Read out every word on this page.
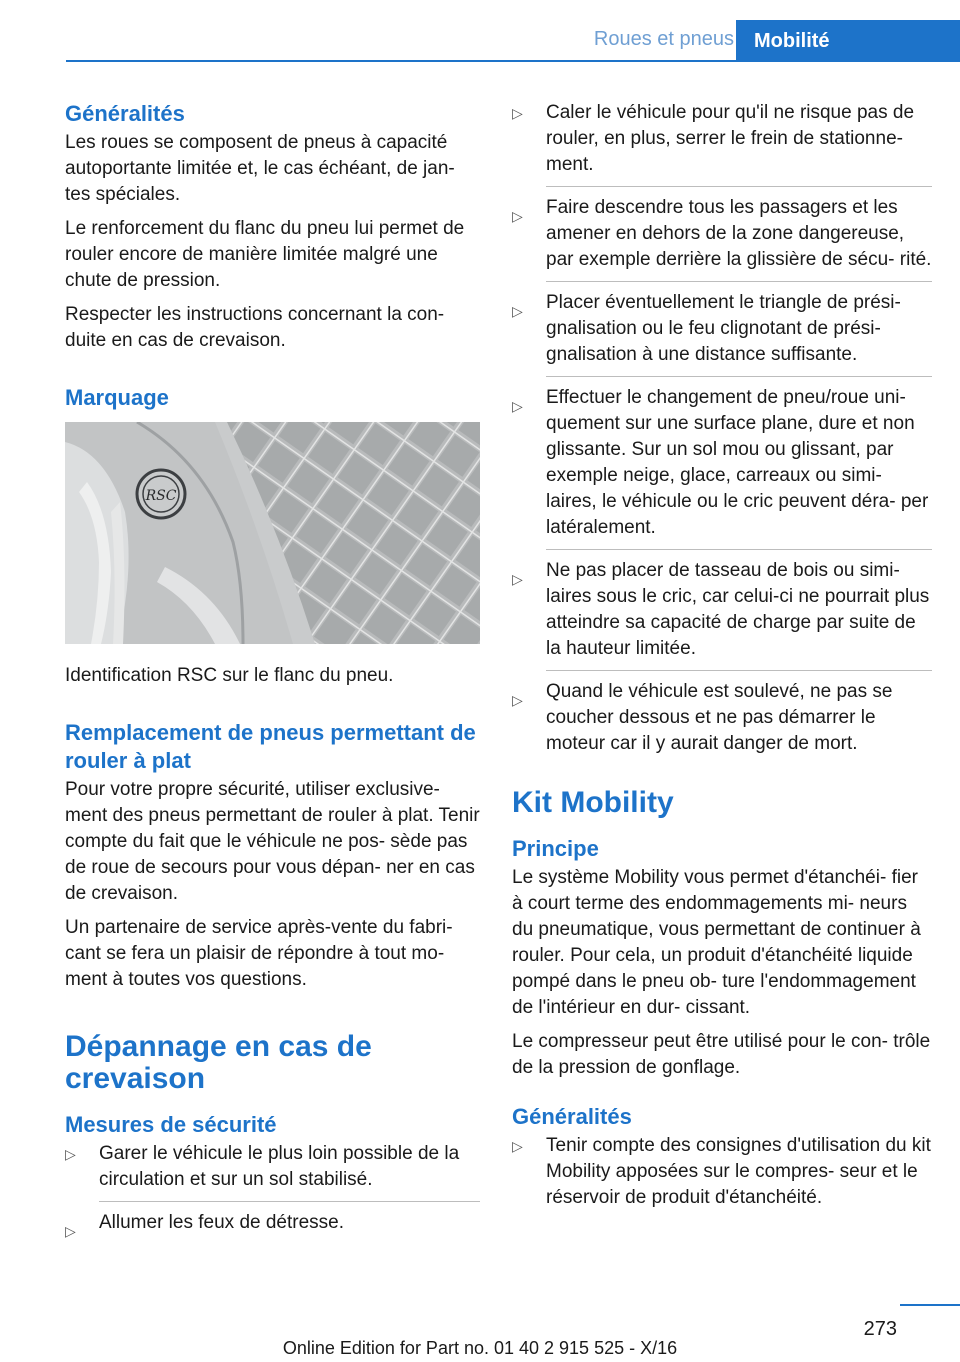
Roues et pneus	Mobilité
Généralités

Les roues se composent de pneus à capacité autoportante limitée et, le cas échéant, de jan‐ tes spéciales.

Le renforcement du flanc du pneu lui permet de rouler encore de manière limitée malgré une chute de pression.

Respecter les instructions concernant la con‐ duite en cas de crevaison.

Marquage
RSC

Identification RSC sur le flanc du pneu.

Remplacement de pneus permettant de rouler à plat

Pour votre propre sécurité, utiliser exclusive‐ ment des pneus permettant de rouler à plat. Tenir compte du fait que le véhicule ne pos‐ sède pas de roue de secours pour vous dépan‐ ner en cas de crevaison.

Un partenaire de service après-vente du fabri‐ cant se fera un plaisir de répondre à tout mo‐ ment à toutes vos questions.

Dépannage en cas de crevaison
Mesures de sécurité
▷ Garer le véhicule le plus loin possible de la circulation et sur un sol stabilisé.
▷ Allumer les feux de détresse.
▷ Caler le véhicule pour qu'il ne risque pas de rouler, en plus, serrer le frein de stationne‐ ment.
▷ Faire descendre tous les passagers et les amener en dehors de la zone dangereuse, par exemple derrière la glissière de sécu‐ rité.
▷ Placer éventuellement le triangle de prési‐ gnalisation ou le feu clignotant de prési‐ gnalisation à une distance suffisante.
▷ Effectuer le changement de pneu/roue uni‐ quement sur une surface plane, dure et non glissante. Sur un sol mou ou glissant, par exemple neige, glace, carreaux ou simi‐ laires, le véhicule ou le cric peuvent déra‐ per latéralement.
▷ Ne pas placer de tasseau de bois ou simi‐ laires sous le cric, car celui-ci ne pourrait plus atteindre sa capacité de charge par suite de la hauteur limitée.
▷ Quand le véhicule est soulevé, ne pas se coucher dessous et ne pas démarrer le moteur car il y aurait danger de mort.
Kit Mobility
Principe

Le système Mobility vous permet d'étanchéi‐ fier à court terme des endommagements mi‐ neurs du pneumatique, vous permettant de continuer à rouler. Pour cela, un produit d'étanchéité liquide pompé dans le pneu ob‐ ture l'endommagement de l'intérieur en dur‐ cissant.

Le compresseur peut être utilisé pour le con‐ trôle de la pression de gonflage.

Généralités
▷ Tenir compte des consignes d'utilisation du kit Mobility apposées sur le compres‐ seur et le réservoir de produit d'étanchéité.
273
Online Edition for Part no. 01 40 2 915 525 - X/16
